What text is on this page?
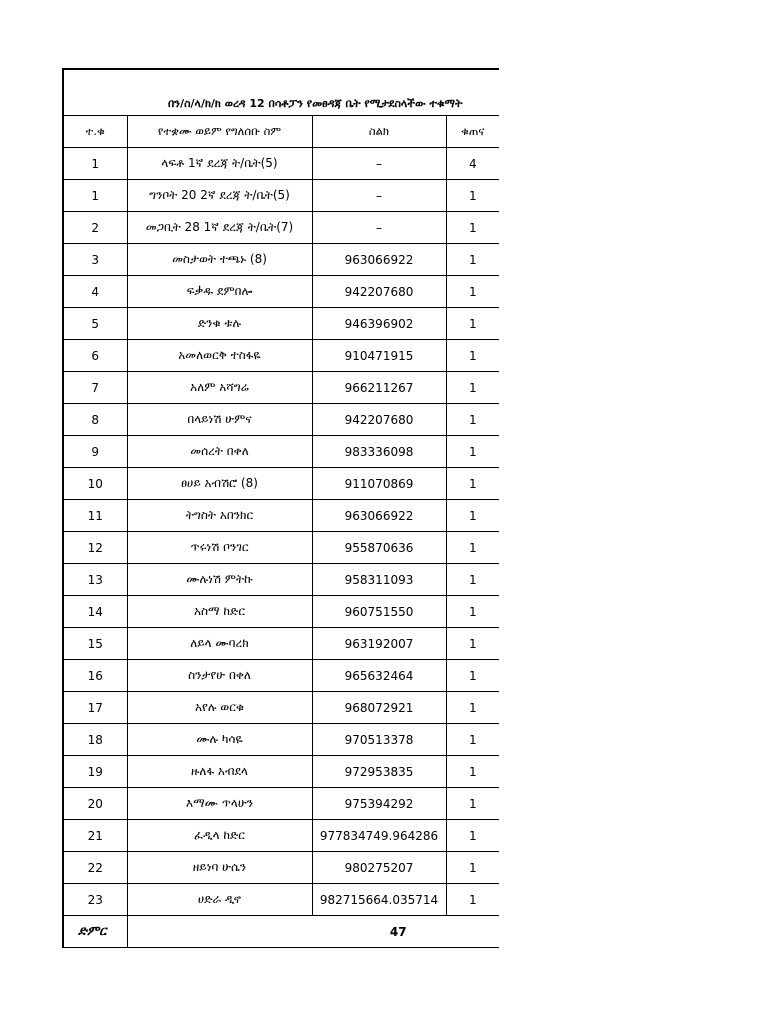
በን/ስ/ላ/ክ/ክ ወረዳ 12 በሳቶፓን የመፀዳጃ ቤት የሚታደስላችው ተቁማት			
ተ.ቁ	የተቋሙ ወይም የግለሰቡ ስም	ስልክ	ቁጠና
1	ላፍቶ 1ኛ ደረጃ ት/ቤት(5)	–	4
1	ግንቦት 20 2ኛ ደረጃ ት/ቤት(5)	–	1
2	መጋቢት 28 1ኛ ደረጃ ት/ቤት(7)	–	1
3	መስታወት ተጫኑ (8)	963066922	1
4	ፍቃዱ ደምበሎ	942207680	1
5	ድንቁ ቱሉ	946396902	1
6	አመለወርቅ ተስፋዬ	910471915	1
7	አለም አሻግሬ	966211267	1
8	በላይነሽ ሁምና	942207680	1
9	መሰረት በቀለ	983336098	1
10	ፀሀይ አብሽሮ (8)	911070869	1
11	ትግስት አበንክር	963066922	1
12	ጥሩነሽ ቦንገር	955870636	1
13	ሙሉነሽ ምትኩ	958311093	1
14	አስማ ከድር	960751550	1
15	ለይላ ሙባረክ	963192007	1
16	ስንታየሁ በቀለ	965632464	1
17	አየሉ ወርቁ	968072921	1
18	ሙሉ ካሳዬ	970513378	1
19	ዙለፋ አብደላ	972953835	1
20	እማሙ ጥላሁን	975394292	1
21	ፈዲላ ከድር	977834749.964286	1
22	ዘይነባ ሁሴን	980275207	1
23	ሀድራ ዲኖ	982715664.035714	1
ድምር	47		
